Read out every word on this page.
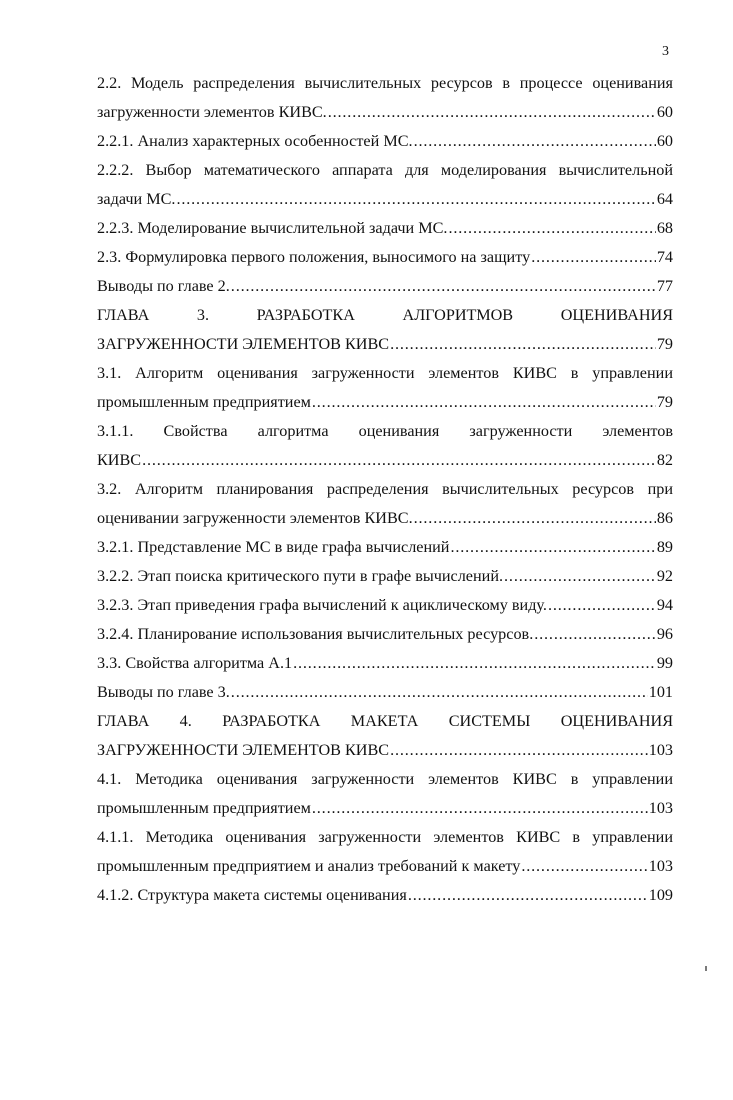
3
2.2. Модель распределения вычислительных ресурсов в процессе оценивания
загруженности элементов КИВС. . . .	60
2.2.1. Анализ характерных особенностей МС. . . .	60
2.2.2. Выбор математического аппарата для моделирования вычислительной
задачи МС. . . .	64
2.2.3. Моделирование вычислительной задачи МС. . . .	68
2.3. Формулировка первого положения, выносимого на защиту . . .	74
Выводы по главе 2. . . .	77
ГЛАВА 3. РАЗРАБОТКА АЛГОРИТМОВ ОЦЕНИВАНИЯ
ЗАГРУЖЕННОСТИ ЭЛЕМЕНТОВ КИВС . . .	79
3.1. Алгоритм оценивания загруженности элементов КИВС в управлении
промышленным предприятием . . .	79
3.1.1. Свойства алгоритма оценивания загруженности элементов
КИВС . . .	82
3.2. Алгоритм планирования распределения вычислительных ресурсов при
оценивании загруженности элементов КИВС. . . .	86
3.2.1. Представление МС в виде графа вычислений . . .	89
3.2.2. Этап поиска критического пути в графе вычислений. . . .	92
3.2.3. Этап приведения графа вычислений к ациклическому виду. . . .	94
3.2.4. Планирование использования вычислительных ресурсов. . . .	96
3.3. Свойства алгоритма А.1 . . .	99
Выводы по главе 3. . . .	101
ГЛАВА 4. РАЗРАБОТКА МАКЕТА СИСТЕМЫ ОЦЕНИВАНИЯ
ЗАГРУЖЕННОСТИ ЭЛЕМЕНТОВ КИВС . . .	103
4.1. Методика оценивания загруженности элементов КИВС в управлении
промышленным предприятием . . .	103
4.1.1. Методика оценивания загруженности элементов КИВС в управлении
промышленным предприятием и анализ требований к макету . . .	103
4.1.2. Структура макета системы оценивания . . .	109
